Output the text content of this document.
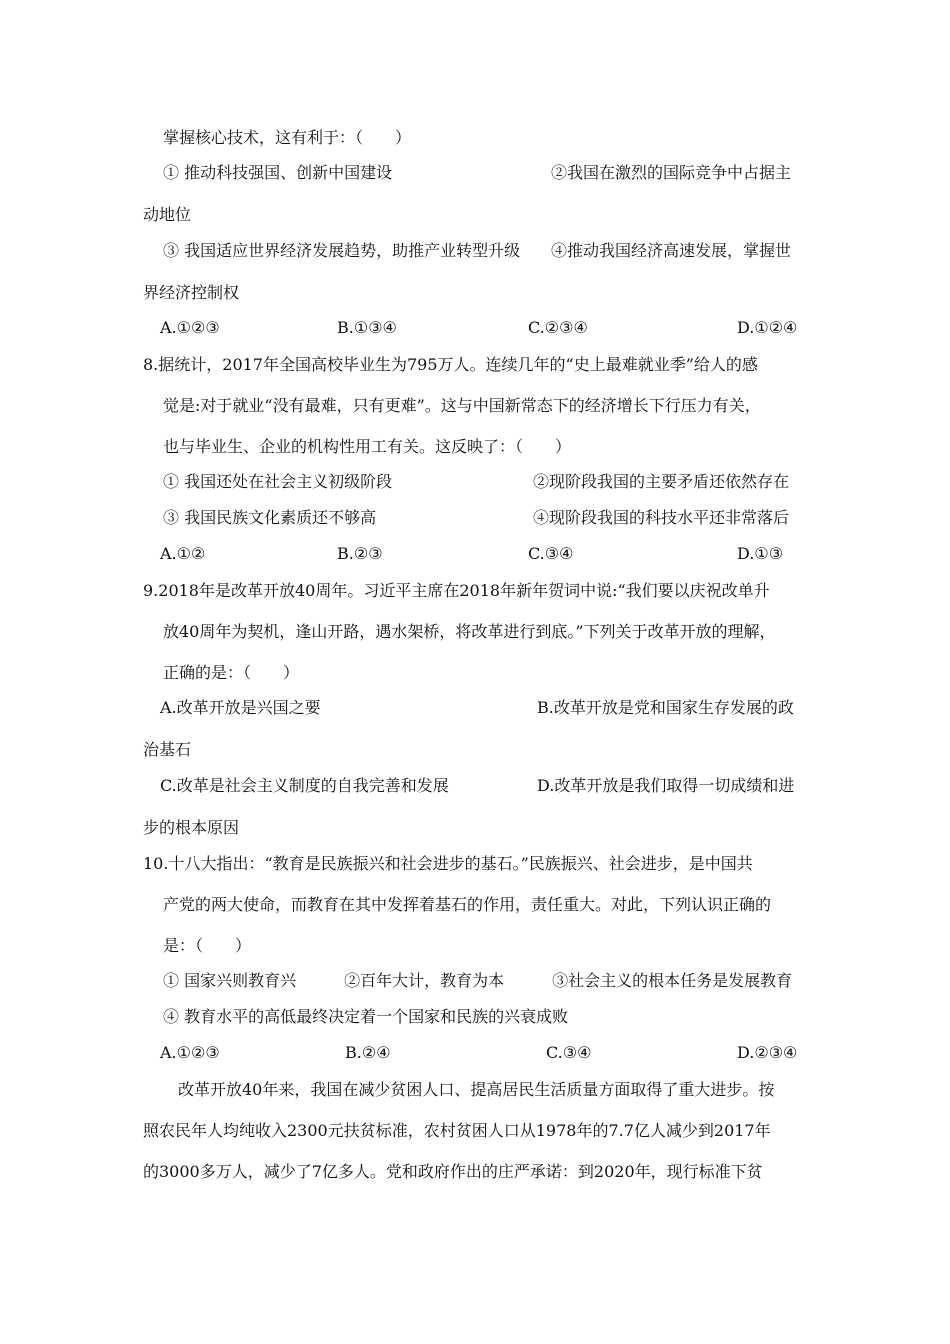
掌握核心技术，这有利于：（　　）
① 推动科技强国、创新中国建设	②我国在激烈的国际竞争中占据主
动地位
③ 我国适应世界经济发展趋势，助推产业转型升级 ④推动我国经济高速发展，掌握世
界经济控制权
A.①②③	B.①③④	C.②③④	D.①②④
8.据统计，2017年全国高校毕业生为795万人。连续几年的“史上最难就业季”给人的感
觉是:对于就业“没有最难，只有更难”。这与中国新常态下的经济增长下行压力有关，
也与毕业生、企业的机构性用工有关。这反映了：（　　）
① 我国还处在社会主义初级阶段	②现阶段我国的主要矛盾还依然存在
③ 我国民族文化素质还不够高	④现阶段我国的科技水平还非常落后
A.①②	B.②③	C.③④	D.①③
9.2018年是改革开放40周年。习近平主席在2018年新年贺词中说:“我们要以庆祝改单升
放40周年为契机，逢山开路，遇水架桥，将改革进行到底。”下列关于改革开放的理解，
正确的是：（　　）
A.改革开放是兴国之要	B.改革开放是党和国家生存发展的政
治基石
C.改革是社会主义制度的自我完善和发展	D.改革开放是我们取得一切成绩和进
步的根本原因
10.十八大指出：“教育是民族振兴和社会进步的基石。”民族振兴、社会进步，是中国共
产党的两大使命，而教育在其中发挥着基石的作用，责任重大。对此，下列认识正确的
是：（　　）
① 国家兴则教育兴　　　②百年大计，教育为本　　　③社会主义的根本任务是发展教育
④ 教育水平的高低最终决定着一个国家和民族的兴衰成败
A.①②③	B.②④	C.③④	D.②③④
改革开放40年来，我国在减少贫困人口、提高居民生活质量方面取得了重大进步。按
照农民年人均纯收入2300元扶贫标准，农村贫困人口从1978年的7.7亿人减少到2017年
的3000多万人，减少了7亿多人。党和政府作出的庄严承诺：到2020年，现行标准下贫
